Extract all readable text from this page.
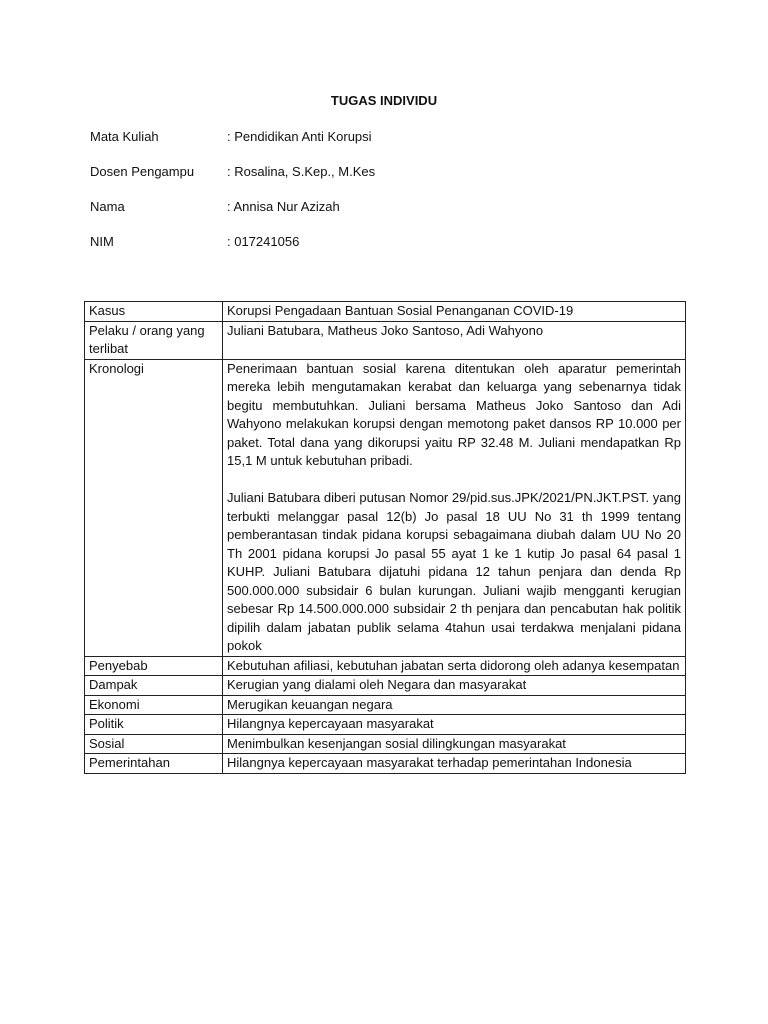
TUGAS INDIVIDU
Mata Kuliah	: Pendidikan Anti Korupsi
Dosen Pengampu	: Rosalina, S.Kep., M.Kes
Nama	: Annisa Nur Azizah
NIM	: 017241056
Kasus	Korupsi Pengadaan Bantuan Sosial Penanganan COVID-19
Pelaku / orang yang terlibat	Juliani Batubara, Matheus Joko Santoso, Adi Wahyono
Kronologi	Penerimaan bantuan sosial karena ditentukan oleh aparatur pemerintah mereka lebih mengutamakan kerabat dan keluarga yang sebenarnya tidak begitu membutuhkan. Juliani bersama Matheus Joko Santoso dan Adi Wahyono melakukan korupsi dengan memotong paket dansos RP 10.000 per paket. Total dana yang dikorupsi yaitu RP 32.48 M. Juliani mendapatkan Rp 15,1 M untuk kebutuhan pribadi.

Juliani Batubara diberi putusan Nomor 29/pid.sus.JPK/2021/PN.JKT.PST. yang terbukti melanggar pasal 12(b) Jo pasal 18 UU No 31 th 1999 tentang pemberantasan tindak pidana korupsi sebagaimana diubah dalam UU No 20 Th 2001 pidana korupsi Jo pasal 55 ayat 1 ke 1 kutip Jo pasal 64 pasal 1 KUHP. Juliani Batubara dijatuhi pidana 12 tahun penjara dan denda Rp 500.000.000 subsidair 6 bulan kurungan. Juliani wajib mengganti kerugian sebesar Rp 14.500.000.000 subsidair 2 th penjara dan pencabutan hak politik dipilih dalam jabatan publik selama 4tahun usai terdakwa menjalani pidana pokok

Penyebab	Kebutuhan afiliasi, kebutuhan jabatan serta didorong oleh adanya kesempatan
Dampak	Kerugian yang dialami oleh Negara dan masyarakat
Ekonomi	Merugikan keuangan negara
Politik	Hilangnya kepercayaan masyarakat
Sosial	Menimbulkan kesenjangan sosial dilingkungan masyarakat
Pemerintahan	Hilangnya kepercayaan masyarakat terhadap pemerintahan Indonesia
